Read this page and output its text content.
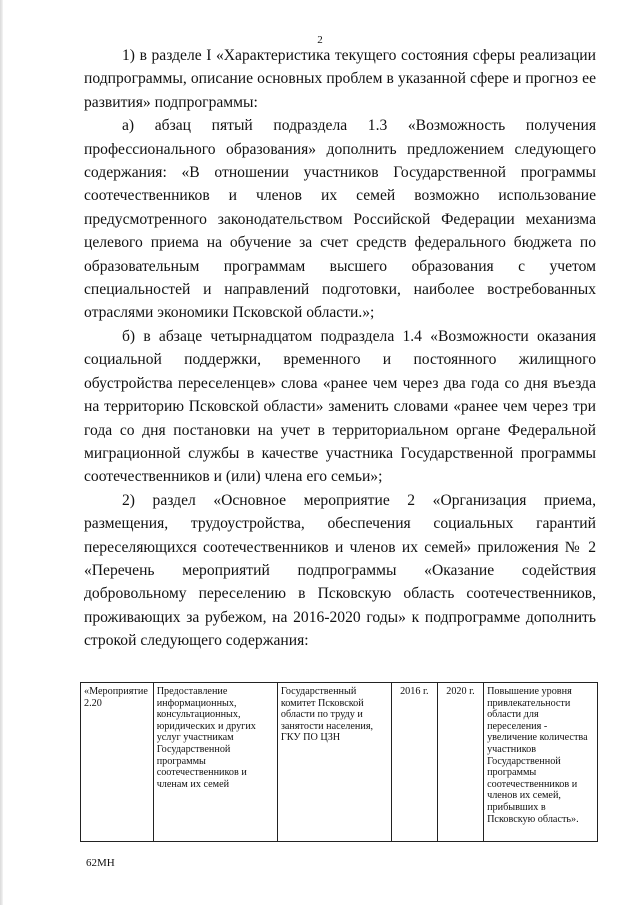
2

1) в разделе I «Характеристика текущего состояния сферы реализации подпрограммы, описание основных проблем в указанной сфере и прогноз ее развития» подпрограммы:

а) абзац пятый подраздела 1.3 «Возможность получения профессионального образования» дополнить предложением следующего содержания: «В отношении участников Государственной программы соотечественников и членов их семей возможно использование предусмотренного законодательством Российской Федерации механизма целевого приема на обучение за счет средств федерального бюджета по образовательным программам высшего образования с учетом специальностей и направлений подготовки, наиболее востребованных отраслями экономики Псковской области.»;

б) в абзаце четырнадцатом подраздела 1.4 «Возможности оказания социальной поддержки, временного и постоянного жилищного обустройства переселенцев» слова «ранее чем через два года со дня въезда на территорию Псковской области» заменить словами «ранее чем через три года со дня постановки на учет в территориальном органе Федеральной миграционной службы в качестве участника Государственной программы соотечественников и (или) члена его семьи»;

2) раздел «Основное мероприятие 2 «Организация приема, размещения, трудоустройства, обеспечения социальных гарантий переселяющихся соотечественников и членов их семей» приложения № 2 «Перечень мероприятий подпрограммы «Оказание содействия добровольному переселению в Псковскую область соотечественников, проживающих за рубежом, на 2016-2020 годы» к подпрограмме дополнить строкой следующего содержания:

«Мероприятие 2.20	Предоставление информационных, консультационных, юридических и других услуг участникам Государственной программы соотечественников и членам их семей	Государственный комитет Псковской области по труду и занятости населения, ГКУ ПО ЦЗН	2016 г.	2020 г.	Повышение уровня привлекательности области для переселения - увеличение количества участников Государственной программы соотечественников и членов их семей, прибывших в Псковскую область».
62МН
